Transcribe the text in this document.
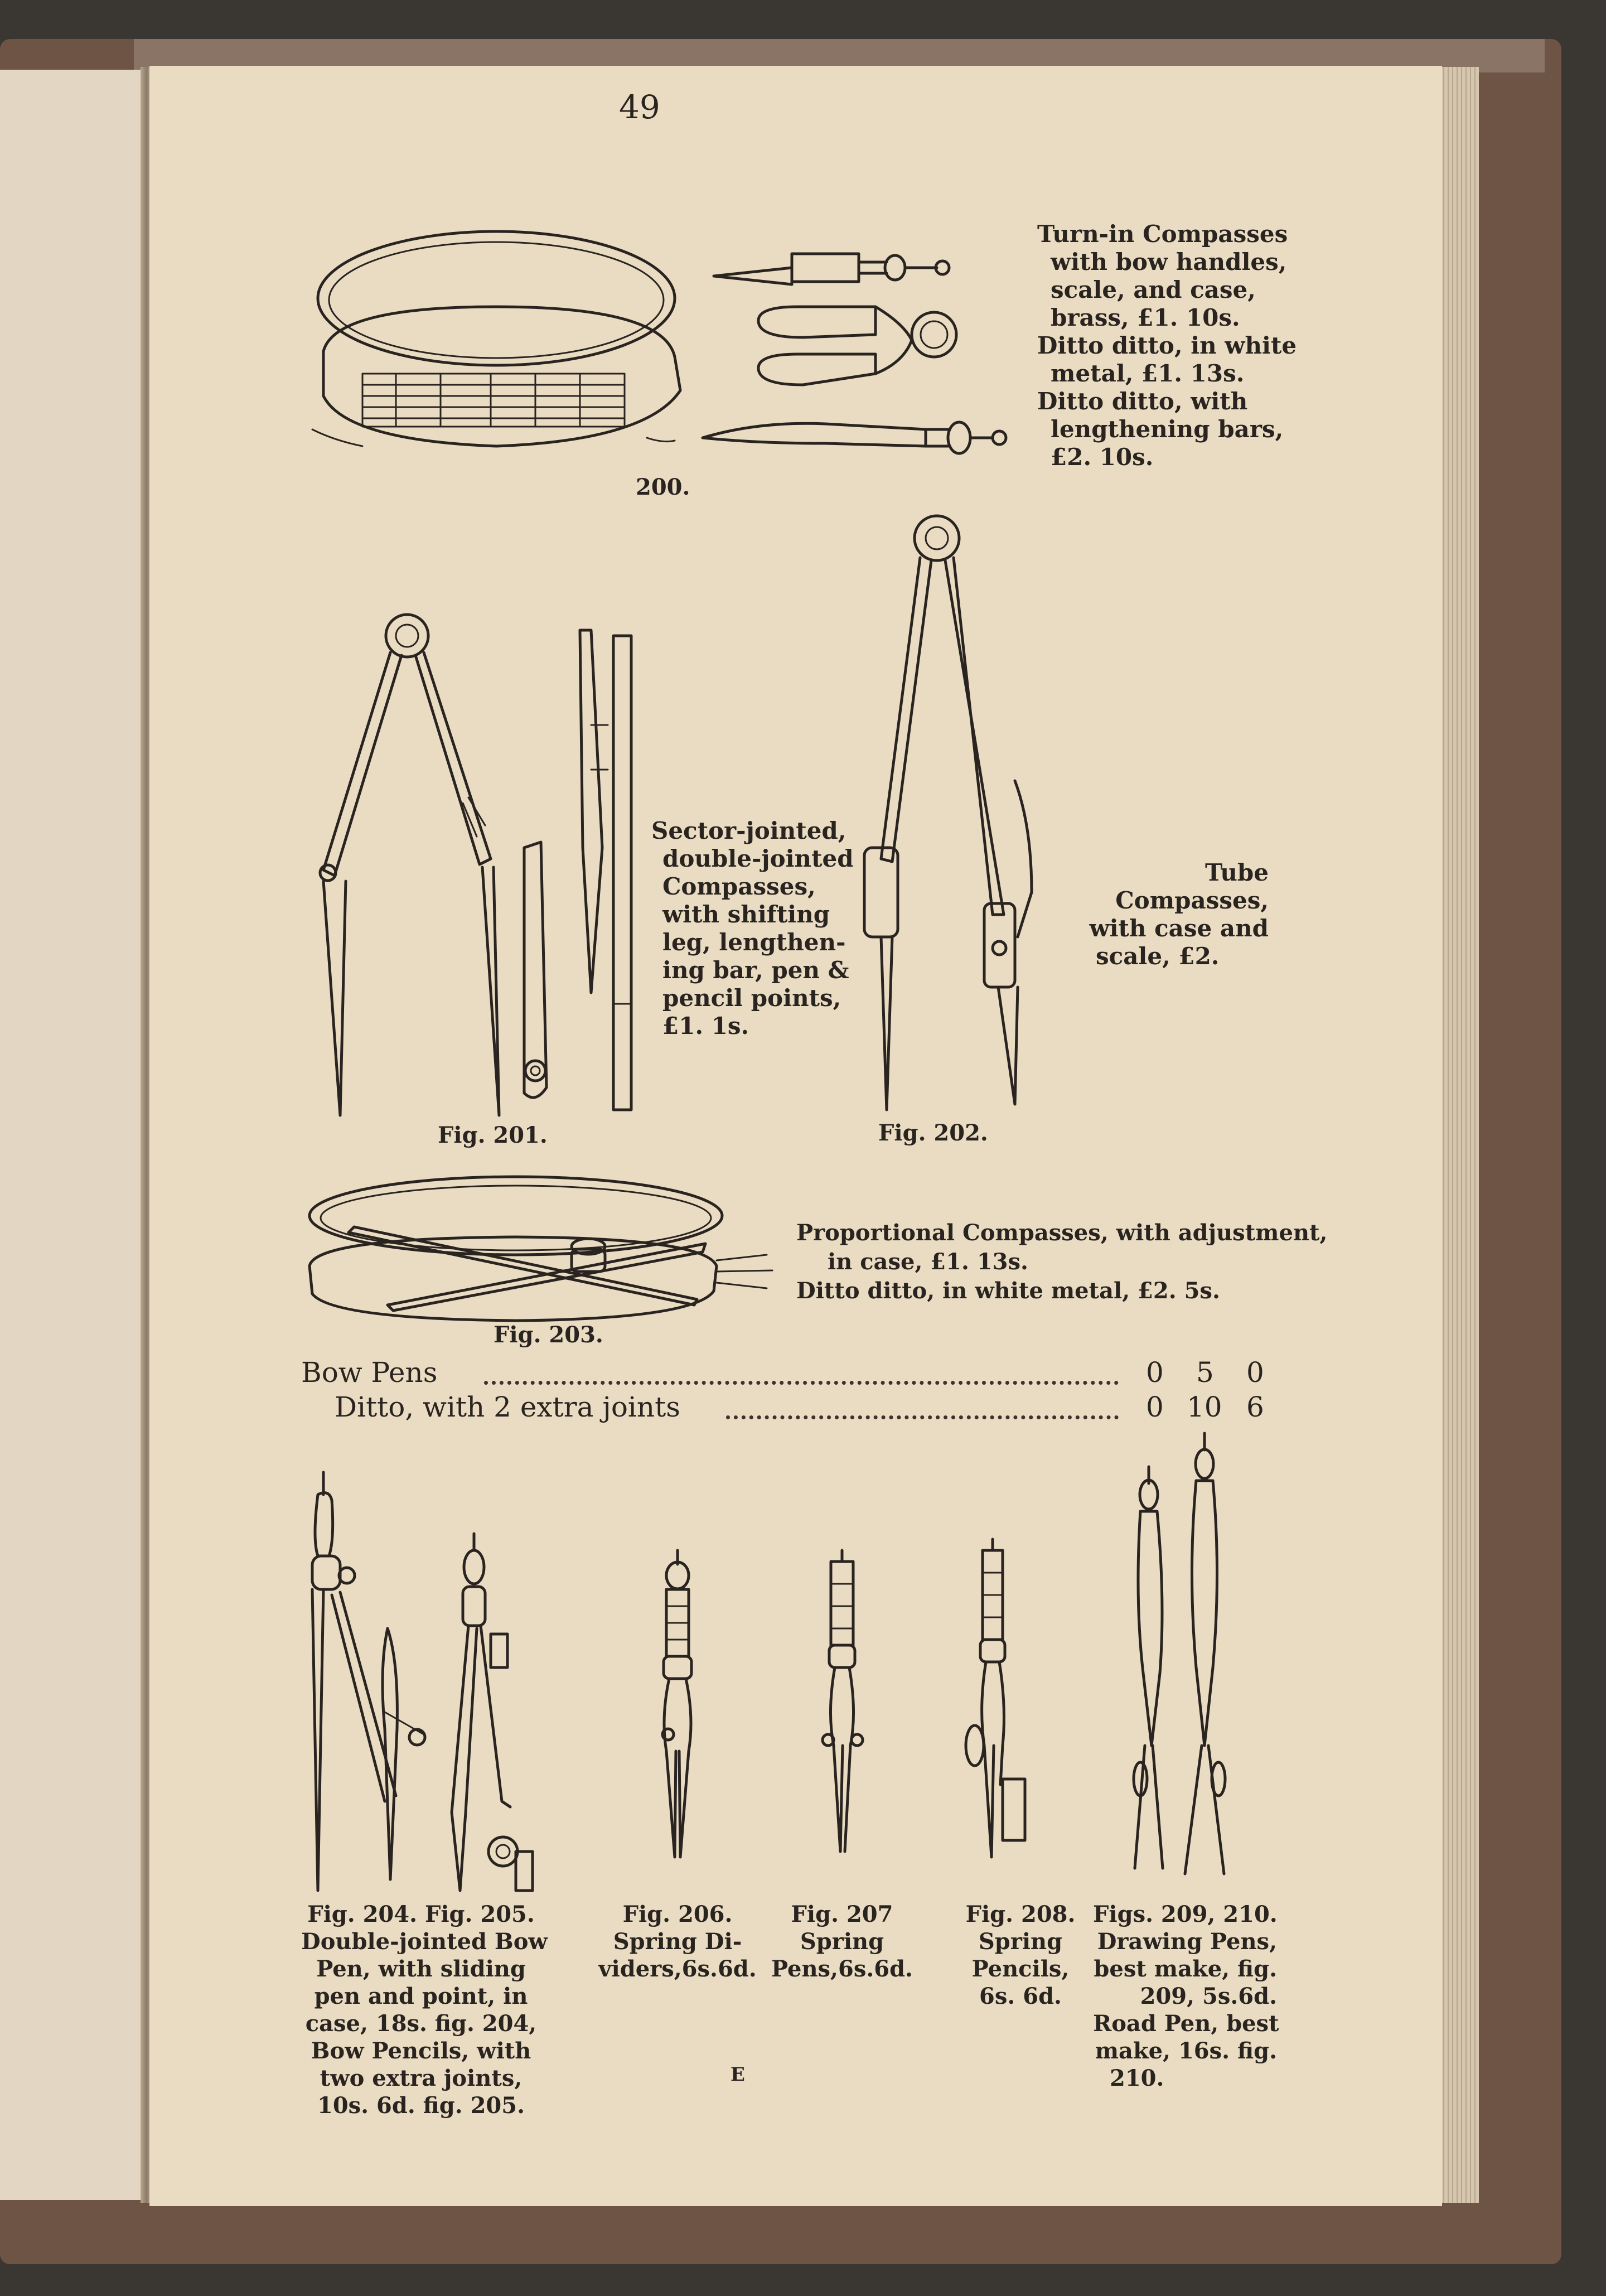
49

200.

Turn-in Compasses

with bow handles,

scale, and case,

brass, £1. 10s.

Ditto ditto, in white

metal, £1. 13s.

Ditto ditto, with

lengthening bars,

£2. 10s.

Fig. 201.

Sector-jointed,

double-jointed

Compasses,

with shifting

leg, lengthen-

ing bar, pen &

pencil points,

£1. 1s.

Fig. 202.

Tube Compasses,

with case and

scale, £2.

Fig. 203.

Proportional Compasses, with adjustment,

in case, £1. 13s.

Ditto ditto, in white metal, £2. 5s.

Bow Pens	0 5 0
Ditto, with 2 extra joints	0 10 6

Fig. 204. Fig. 205.

Double-jointed Bow

Pen, with sliding

pen and point, in

case, 18s. fig. 204,

Bow Pencils, with

two extra joints,

10s. 6d. fig. 205.

Fig. 206.

Spring Di-

viders,6s.6d.

Fig. 207

Spring

Pens,6s.6d.

Fig. 208.

Spring

Pencils,

6s. 6d.

Figs. 209, 210.

Drawing Pens,

best make, fig.

209, 5s.6d.

Road Pen, best

make, 16s. fig.

210.

E
